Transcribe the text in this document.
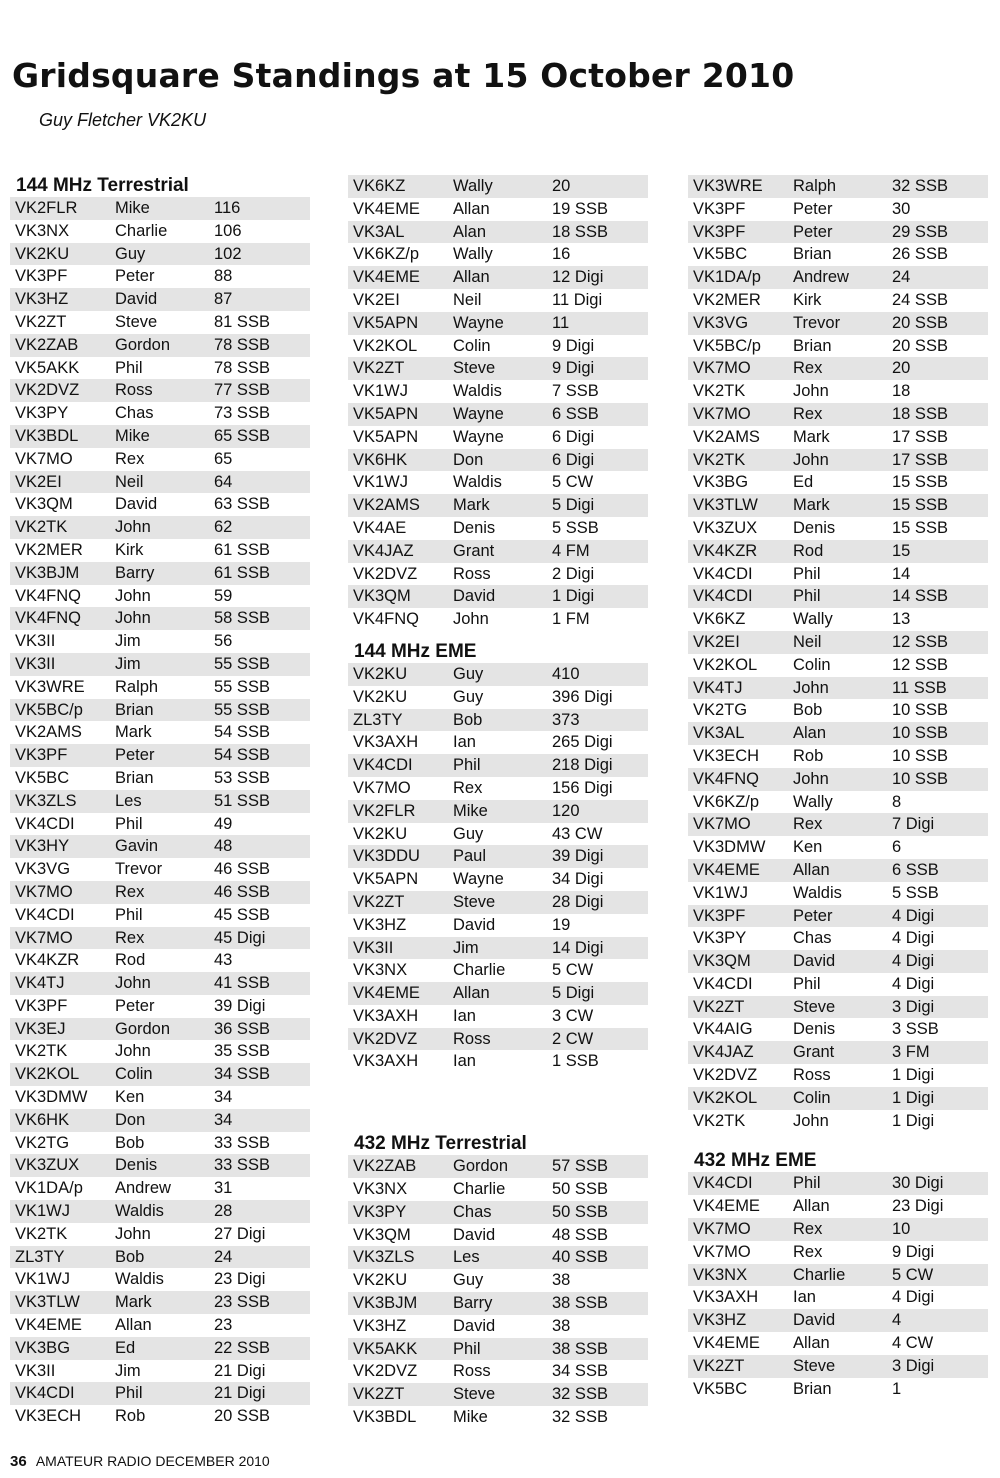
Gridsquare Standings at 15 October 2010
Guy Fletcher VK2KU
144 MHz Terrestrial
VK2FLR	Mike	116
VK3NX	Charlie	106
VK2KU	Guy	102
VK3PF	Peter	88
VK3HZ	David	87
VK2ZT	Steve	81 SSB
VK2ZAB	Gordon	78 SSB
VK5AKK	Phil	78 SSB
VK2DVZ	Ross	77 SSB
VK3PY	Chas	73 SSB
VK3BDL	Mike	65 SSB
VK7MO	Rex	65
VK2EI	Neil	64
VK3QM	David	63 SSB
VK2TK	John	62
VK2MER	Kirk	61 SSB
VK3BJM	Barry	61 SSB
VK4FNQ	John	59
VK4FNQ	John	58 SSB
VK3II	Jim	56
VK3II	Jim	55 SSB
VK3WRE	Ralph	55 SSB
VK5BC/p	Brian	55 SSB
VK2AMS	Mark	54 SSB
VK3PF	Peter	54 SSB
VK5BC	Brian	53 SSB
VK3ZLS	Les	51 SSB
VK4CDI	Phil	49
VK3HY	Gavin	48
VK3VG	Trevor	46 SSB
VK7MO	Rex	46 SSB
VK4CDI	Phil	45 SSB
VK7MO	Rex	45 Digi
VK4KZR	Rod	43
VK4TJ	John	41 SSB
VK3PF	Peter	39 Digi
VK3EJ	Gordon	36 SSB
VK2TK	John	35 SSB
VK2KOL	Colin	34 SSB
VK3DMW	Ken	34
VK6HK	Don	34
VK2TG	Bob	33 SSB
VK3ZUX	Denis	33 SSB
VK1DA/p	Andrew	31
VK1WJ	Waldis	28
VK2TK	John	27 Digi
ZL3TY	Bob	24
VK1WJ	Waldis	23 Digi
VK3TLW	Mark	23 SSB
VK4EME	Allan	23
VK3BG	Ed	22 SSB
VK3II	Jim	21 Digi
VK4CDI	Phil	21 Digi
VK3ECH	Rob	20 SSB
VK6KZ	Wally	20
VK4EME	Allan	19 SSB
VK3AL	Alan	18 SSB
VK6KZ/p	Wally	16
VK4EME	Allan	12 Digi
VK2EI	Neil	11 Digi
VK5APN	Wayne	11
VK2KOL	Colin	9 Digi
VK2ZT	Steve	9 Digi
VK1WJ	Waldis	7 SSB
VK5APN	Wayne	6 SSB
VK5APN	Wayne	6 Digi
VK6HK	Don	6 Digi
VK1WJ	Waldis	5 CW
VK2AMS	Mark	5 Digi
VK4AE	Denis	5 SSB
VK4JAZ	Grant	4 FM
VK2DVZ	Ross	2 Digi
VK3QM	David	1 Digi
VK4FNQ	John	1 FM
144 MHz EME
VK2KU	Guy	410
VK2KU	Guy	396 Digi
ZL3TY	Bob	373
VK3AXH	Ian	265 Digi
VK4CDI	Phil	218 Digi
VK7MO	Rex	156 Digi
VK2FLR	Mike	120
VK2KU	Guy	43 CW
VK3DDU	Paul	39 Digi
VK5APN	Wayne	34 Digi
VK2ZT	Steve	28 Digi
VK3HZ	David	19
VK3II	Jim	14 Digi
VK3NX	Charlie	5 CW
VK4EME	Allan	5 Digi
VK3AXH	Ian	3 CW
VK2DVZ	Ross	2 CW
VK3AXH	Ian	1 SSB
432 MHz Terrestrial
VK2ZAB	Gordon	57 SSB
VK3NX	Charlie	50 SSB
VK3PY	Chas	50 SSB
VK3QM	David	48 SSB
VK3ZLS	Les	40 SSB
VK2KU	Guy	38
VK3BJM	Barry	38 SSB
VK3HZ	David	38
VK5AKK	Phil	38 SSB
VK2DVZ	Ross	34 SSB
VK2ZT	Steve	32 SSB
VK3BDL	Mike	32 SSB
VK3WRE	Ralph	32 SSB
VK3PF	Peter	30
VK3PF	Peter	29 SSB
VK5BC	Brian	26 SSB
VK1DA/p	Andrew	24
VK2MER	Kirk	24 SSB
VK3VG	Trevor	20 SSB
VK5BC/p	Brian	20 SSB
VK7MO	Rex	20
VK2TK	John	18
VK7MO	Rex	18 SSB
VK2AMS	Mark	17 SSB
VK2TK	John	17 SSB
VK3BG	Ed	15 SSB
VK3TLW	Mark	15 SSB
VK3ZUX	Denis	15 SSB
VK4KZR	Rod	15
VK4CDI	Phil	14
VK4CDI	Phil	14 SSB
VK6KZ	Wally	13
VK2EI	Neil	12 SSB
VK2KOL	Colin	12 SSB
VK4TJ	John	11 SSB
VK2TG	Bob	10 SSB
VK3AL	Alan	10 SSB
VK3ECH	Rob	10 SSB
VK4FNQ	John	10 SSB
VK6KZ/p	Wally	8
VK7MO	Rex	7 Digi
VK3DMW	Ken	6
VK4EME	Allan	6 SSB
VK1WJ	Waldis	5 SSB
VK3PF	Peter	4 Digi
VK3PY	Chas	4 Digi
VK3QM	David	4 Digi
VK4CDI	Phil	4 Digi
VK2ZT	Steve	3 Digi
VK4AIG	Denis	3 SSB
VK4JAZ	Grant	3 FM
VK2DVZ	Ross	1 Digi
VK2KOL	Colin	1 Digi
VK2TK	John	1 Digi
432 MHz EME
VK4CDI	Phil	30 Digi
VK4EME	Allan	23 Digi
VK7MO	Rex	10
VK7MO	Rex	9 Digi
VK3NX	Charlie	5 CW
VK3AXH	Ian	4 Digi
VK3HZ	David	4
VK4EME	Allan	4 CW
VK2ZT	Steve	3 Digi
VK5BC	Brian	1
36 AMATEUR RADIO DECEMBER 2010
